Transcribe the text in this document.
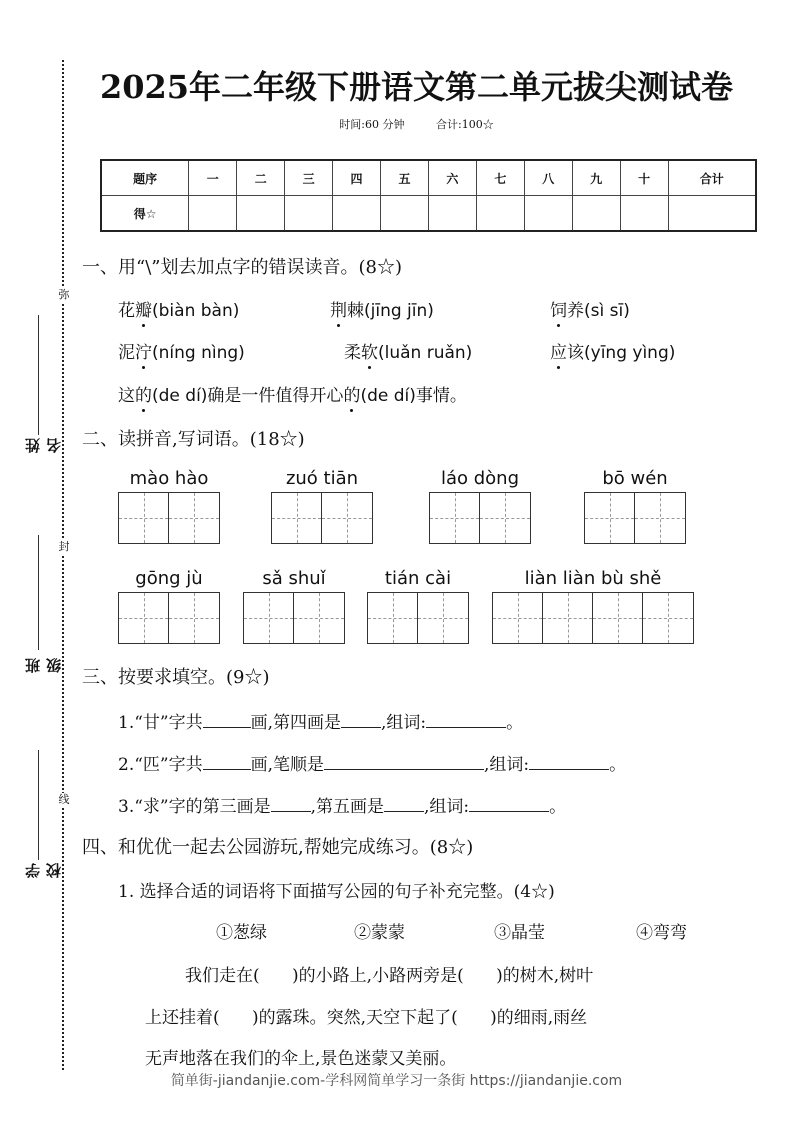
弥
封
线
姓名
班级
学校
2025年二年级下册语文第二单元拔尖测试卷
时间:60 分钟	合计:100☆
题序	一	二	三	四	五	六	七	八	九	十	合计
得☆											
一、用“\”划去加点字的错误读音。(8☆)
花瓣(biàn bàn)	荆棘(jīng jīn)	饲养(sì sī)
泥泞(níng nìng)	柔软(luǎn ruǎn)	应该(yīng yìng)
这的(de dí)确是一件值得开心的(de dí)事情。
二、读拼音,写词语。(18☆)
mào hào	zuó tiān	láo dòng	bō wén
gōng jù	sǎ shuǐ	tián cài	liàn liàn bù shě
三、按要求填空。(9☆)
1.“甘”字共	画,第四画是 ,组词:	。
2.“匹”字共	画,笔顺是	,组词:	。
3.“求”字的第三画是 ,第五画是 ,组词:	。
四、和优优一起去公园游玩,帮她完成练习。(8☆)
1. 选择合适的词语将下面描写公园的句子补充完整。(4☆)
①葱绿	②蒙蒙	③晶莹	④弯弯
我们走在(      )的小路上,小路两旁是(      )的树木,树叶
上还挂着(      )的露珠。突然,天空下起了(      )的细雨,雨丝
无声地落在我们的伞上,景色迷蒙又美丽。
简单街-jiandanjie.com-学科网简单学习一条街 https://jiandanjie.com
